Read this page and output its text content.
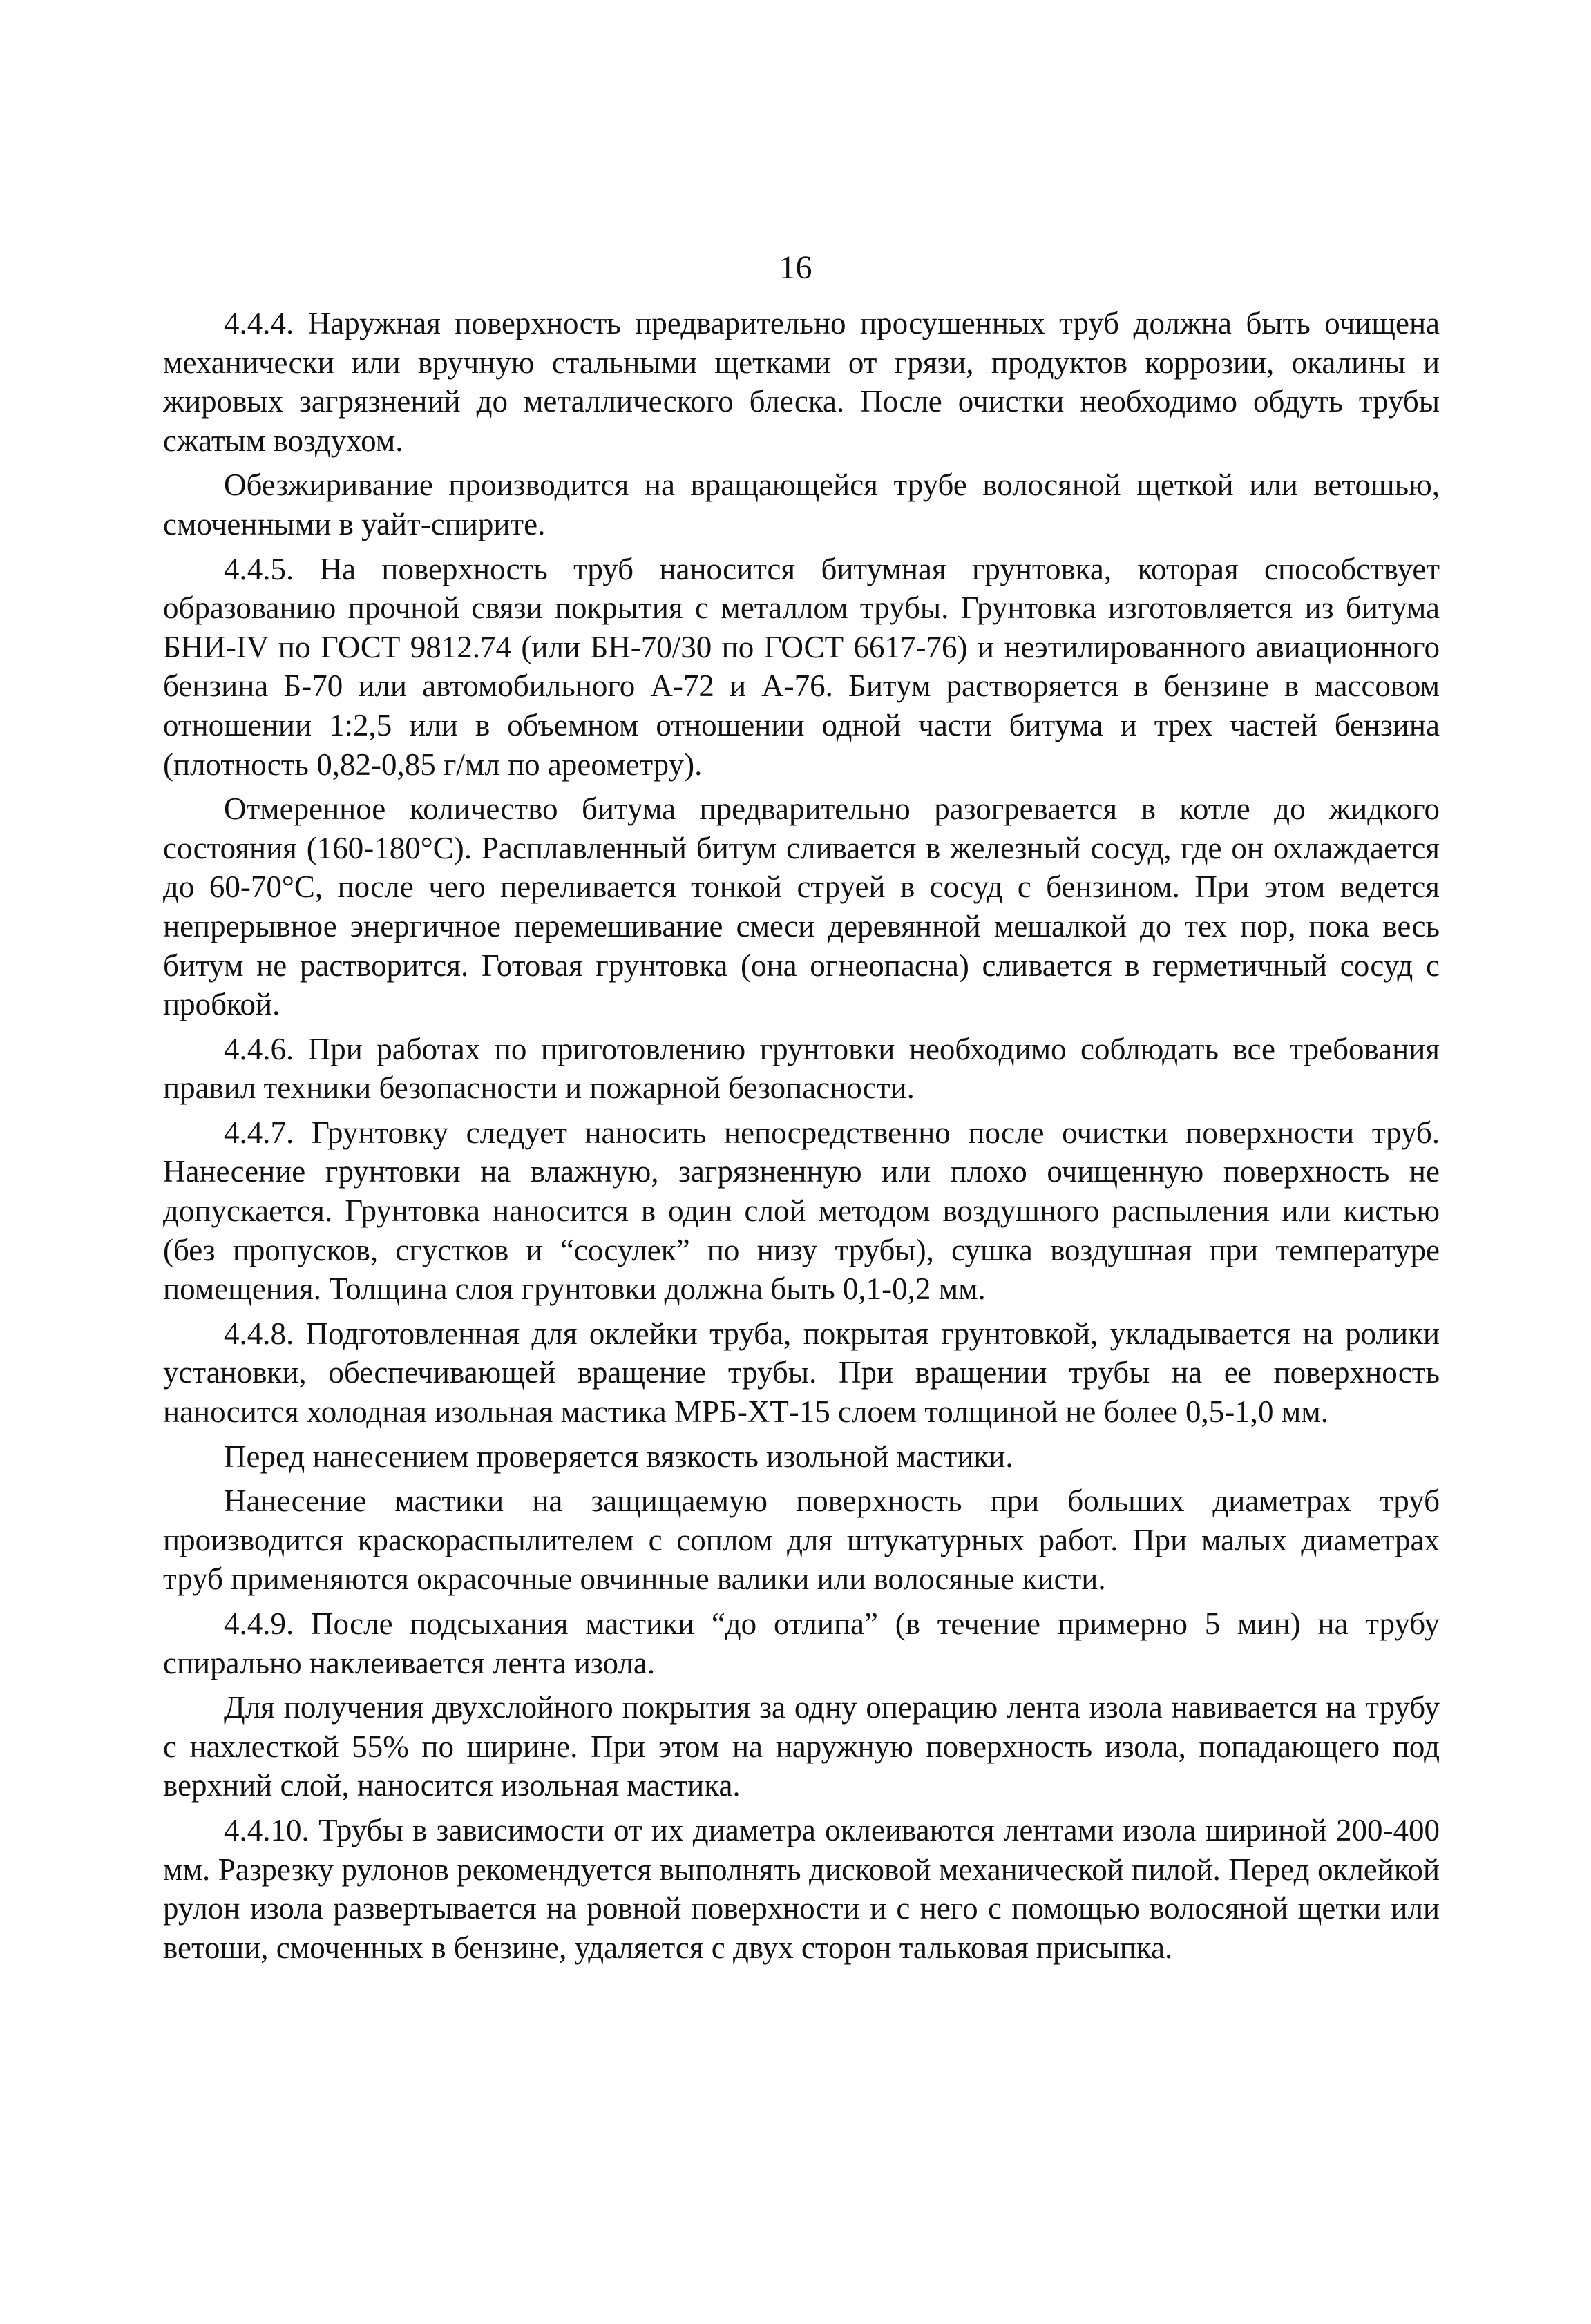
16

4.4.4. Наружная поверхность предварительно просушенных труб должна быть очищена механически или вручную стальными щетками от грязи, продуктов коррозии, окалины и жировых загрязнений до металлического блеска. После очистки необходимо обдуть трубы сжатым воздухом.

Обезжиривание производится на вращающейся трубе волосяной щеткой или ветошью, смоченными в уайт-спирите.

4.4.5. На поверхность труб наносится битумная грунтовка, которая способствует образованию прочной связи покрытия с металлом трубы. Грунтовка изготовляется из битума БНИ-IV по ГОСТ 9812.74 (или БН-70/30 по ГОСТ 6617-76) и неэтилированного авиационного бензина Б-70 или автомобильного А-72 и А-76. Битум растворяется в бензине в массовом отношении 1:2,5 или в объемном отношении одной части битума и трех частей бензина (плотность 0,82-0,85 г/мл по ареометру).

Отмеренное количество битума предварительно разогревается в котле до жидкого состояния (160-180°С). Расплавленный битум сливается в железный сосуд, где он охлаждается до 60-70°С, после чего переливается тонкой струей в сосуд с бензином. При этом ведется непрерывное энергичное перемешивание смеси деревянной мешалкой до тех пор, пока весь битум не растворится. Готовая грунтовка (она огнеопасна) сливается в герметичный сосуд с пробкой.

4.4.6. При работах по приготовлению грунтовки необходимо соблюдать все требования правил техники безопасности и пожарной безопасности.

4.4.7. Грунтовку следует наносить непосредственно после очистки поверхности труб. Нанесение грунтовки на влажную, загрязненную или плохо очищенную поверхность не допускается. Грунтовка наносится в один слой методом воздушного распыления или кистью (без пропусков, сгустков и “сосулек” по низу трубы), сушка воздушная при температуре помещения. Толщина слоя грунтовки должна быть 0,1-0,2 мм.

4.4.8. Подготовленная для оклейки труба, покрытая грунтовкой, укладывается на ролики установки, обеспечивающей вращение трубы. При вращении трубы на ее поверхность наносится холодная изольная мастика МРБ-ХТ-15 слоем толщиной не более 0,5-1,0 мм.

Перед нанесением проверяется вязкость изольной мастики.

Нанесение мастики на защищаемую поверхность при больших диаметрах труб производится краскораспылителем с соплом для штукатурных работ. При малых диаметрах труб применяются окрасочные овчинные валики или волосяные кисти.

4.4.9. После подсыхания мастики “до отлипа” (в течение примерно 5 мин) на трубу спирально наклеивается лента изола.

Для получения двухслойного покрытия за одну операцию лента изола навивается на трубу с нахлесткой 55% по ширине. При этом на наружную поверхность изола, попадающего под верхний слой, наносится изольная мастика.

4.4.10. Трубы в зависимости от их диаметра оклеиваются лентами изола шириной 200-400 мм. Разрезку рулонов рекомендуется выполнять дисковой механической пилой. Перед оклейкой рулон изола развертывается на ровной поверхности и с него с помощью волосяной щетки или ветоши, смоченных в бензине, удаляется с двух сторон тальковая присыпка.
